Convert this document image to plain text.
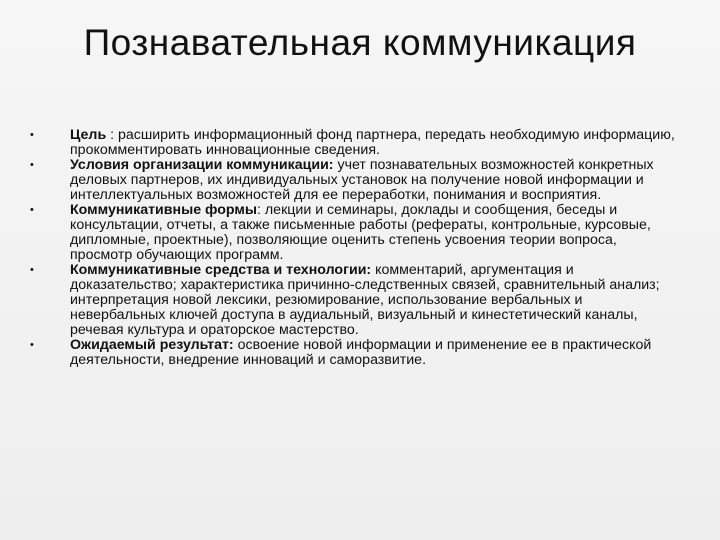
Познавательная коммуникация
•	Цель : расширить информационный фонд партнера, передать необходимую информацию, прокомментировать инновационные сведения.
•	Условия организации коммуникации: учет познавательных возможностей конкретных деловых партнеров, их индивидуальных установок на получение новой информации и интеллектуальных возможностей для ее переработки, понимания и восприятия.
•	Коммуникативные формы: лекции и семинары, доклады и сообщения, беседы и консультации, отчеты, а также письменные работы (рефераты, контрольные, курсовые, дипломные, проектные), позволяющие оценить степень усвоения теории вопроса, просмотр обучающих программ.
•	Коммуникативные средства и технологии: комментарий, аргументация и доказательство; характеристика причинно-следственных связей, сравнительный анализ; интерпретация новой лексики, резюмирование, использование вербальных и невербальных ключей доступа в аудиальный, визуальный и кинестетический каналы, речевая культура и ораторское мастерство.
•	Ожидаемый результат: освоение новой информации и применение ее в практической деятельности, внедрение инноваций и саморазвитие.
